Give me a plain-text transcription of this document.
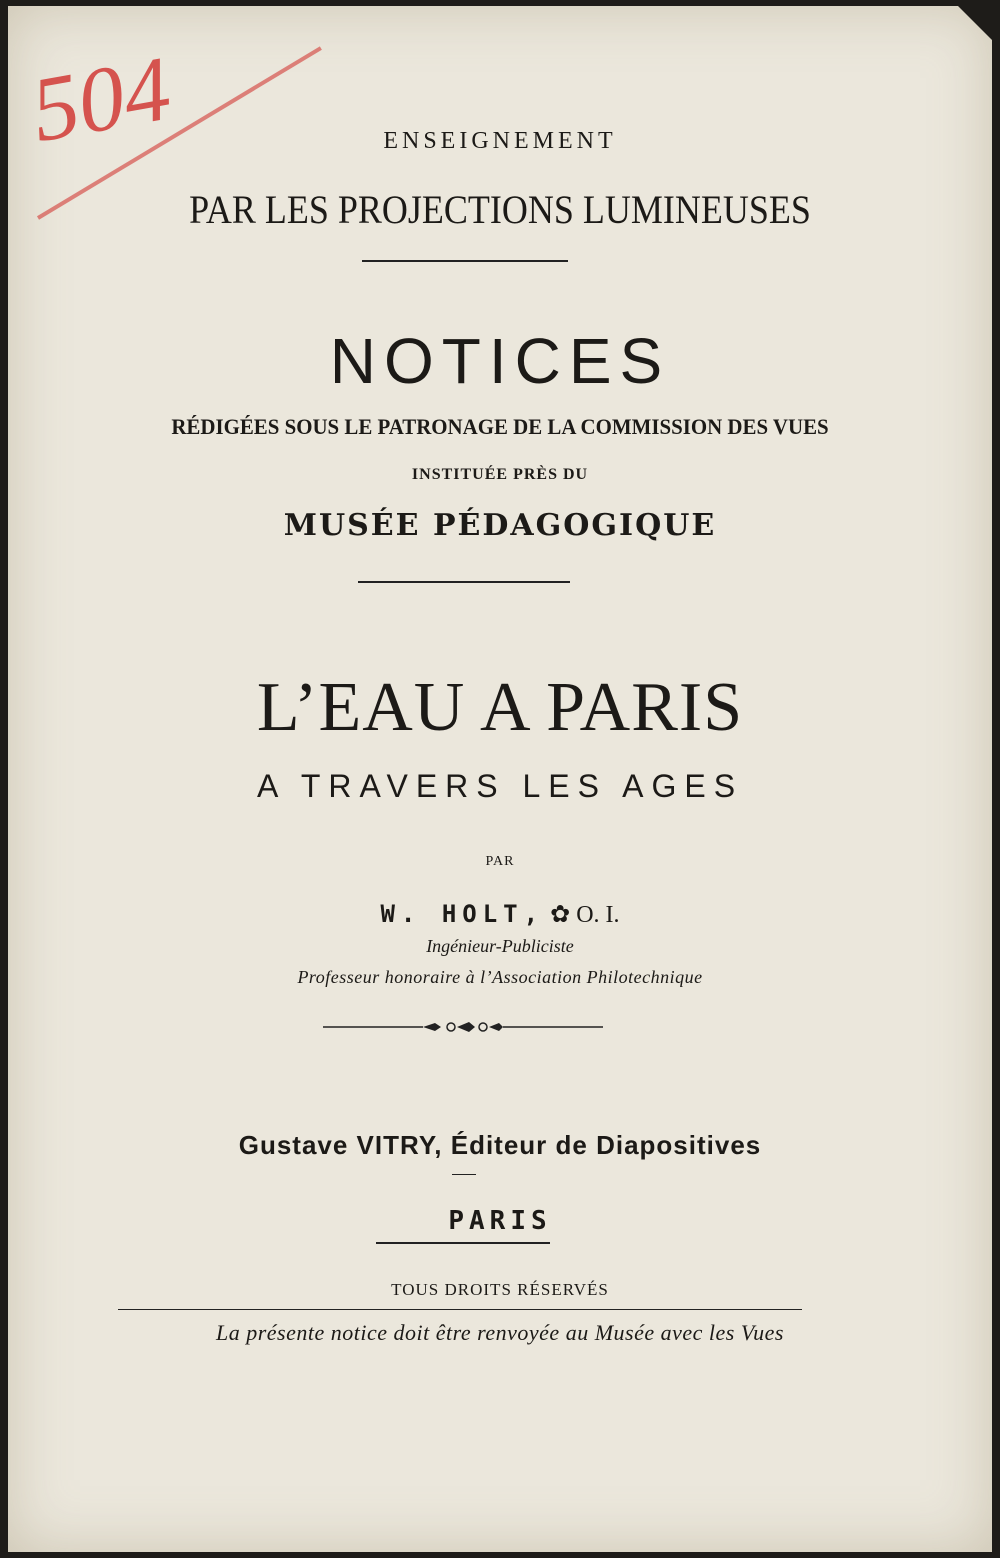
504	ENSEIGNEMENT
PAR LES PROJECTIONS LUMINEUSES
NOTICES
RÉDIGÉES SOUS LE PATRONAGE DE LA COMMISSION DES VUES
INSTITUÉE PRÈS DU
MUSÉE PÉDAGOGIQUE
L’EAU A PARIS
A TRAVERS LES AGES
PAR
W. HOLT, ✿ O. I.
Ingénieur-Publiciste
Professeur honoraire à l’Association Philotechnique
Gustave VITRY, Éditeur de Diapositives
PARIS
TOUS DROITS RÉSERVÉS
La présente notice doit être renvoyée au Musée avec les Vues
